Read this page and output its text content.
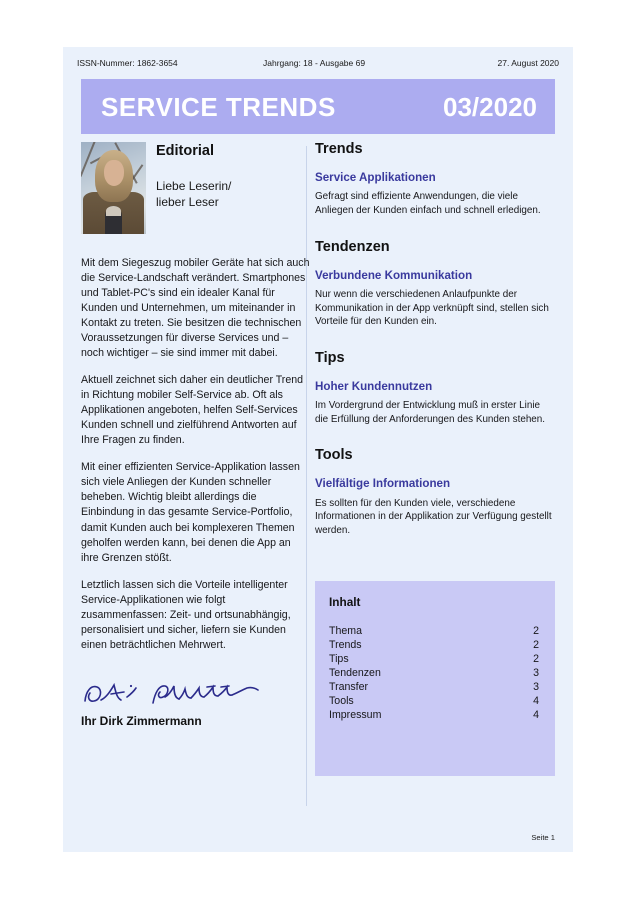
ISSN-Nummer: 1862-3654	Jahrgang: 18 - Ausgabe 69	27. August 2020
SERVICE TRENDS	03/2020
Editorial
Liebe Leserin/
lieber Leser

Mit dem Siegeszug mobiler Geräte hat sich auch die Service-Landschaft verändert. Smartphones und Tablet-PC's sind ein idealer Kanal für Kunden und Unternehmen, um miteinander in Kontakt zu treten. Sie besitzen die technischen Voraussetzungen für diverse Services und – noch wichtiger – sie sind immer mit dabei.

Aktuell zeichnet sich daher ein deutlicher Trend in Richtung mobiler Self-Service ab. Oft als Applikationen angeboten, helfen Self-Services Kunden schnell und zielführend Antworten auf Ihre Fragen zu finden.

Mit einer effizienten Service-Applikation lassen sich viele Anliegen der Kunden schneller beheben. Wichtig bleibt allerdings die Einbindung in das gesamte Service-Portfolio, damit Kunden auch bei komplexeren Themen geholfen werden kann, bei denen die App an ihre Grenzen stößt.

Letztlich lassen sich die Vorteile intelligenter Service-Applikationen wie folgt zusammenfassen: Zeit- und ortsunabhängig, personalisiert und sicher, liefern sie Kunden einen beträchtlichen Mehrwert.

Ihr Dirk Zimmermann
Trends
Service Applikationen

Gefragt sind effiziente Anwendungen, die viele Anliegen der Kunden einfach und schnell erledigen.

Tendenzen
Verbundene Kommunikation

Nur wenn die verschiedenen Anlaufpunkte der Kommunikation in der App verknüpft sind, stellen sich Vorteile für den Kunden ein.

Tips
Hoher Kundennutzen

Im Vordergrund der Entwicklung muß in erster Linie die Erfüllung der Anforderungen des Kunden stehen.

Tools
Vielfältige Informationen

Es sollten für den Kunden viele, verschiedene Informationen in der Applikation zur Verfügung gestellt werden.

Inhalt
Thema	2
Trends	2
Tips	2
Tendenzen	3
Transfer	3
Tools	4
Impressum	4
Seite 1
